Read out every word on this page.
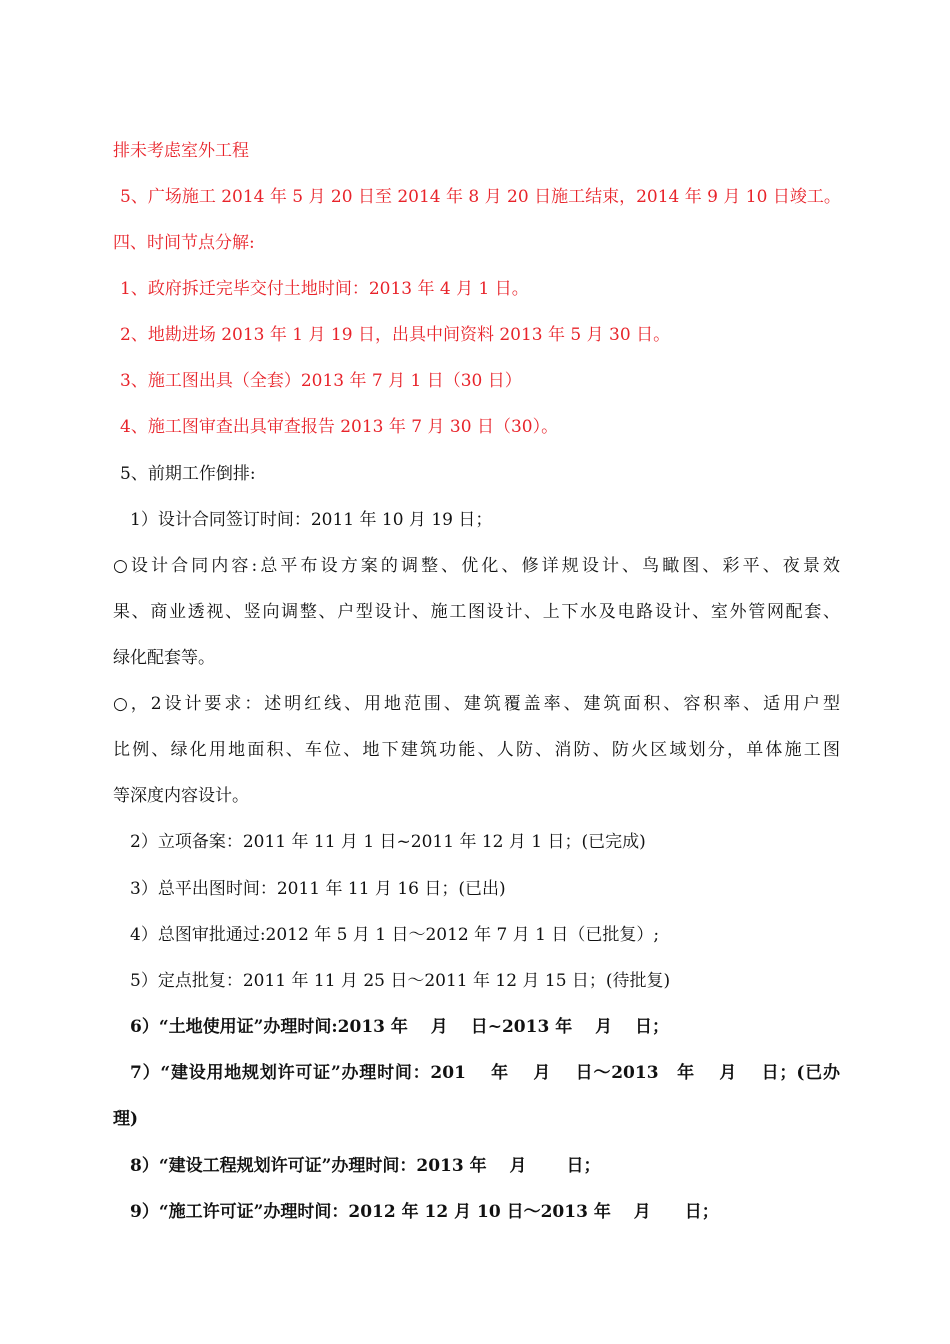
排未考虑室外工程
5、广场施工 2014 年 5 月 20 日至 2014 年 8 月 20 日施工结束，2014 年 9 月 10 日竣工。
四、时间节点分解:
1、政府拆迁完毕交付土地时间：2013 年 4 月 1 日。
2、地勘进场 2013 年 1 月 19 日，出具中间资料 2013 年 5 月 30 日。
3、施工图出具（全套）2013 年 7 月 1 日（30 日）
4、施工图审查出具审查报告 2013 年 7 月 30 日（30）。
5、前期工作倒排:
1）设计合同签订时间：2011 年 10 月 19 日；
○设计合同内容:总平布设方案的调整、优化、修详规设计、鸟瞰图、彩平、夜景效
果、商业透视、竖向调整、户型设计、施工图设计、上下水及电路设计、室外管网配套、
绿化配套等。
○，2设计要求：述明红线、用地范围、建筑覆盖率、建筑面积、容积率、适用户型
比例、绿化用地面积、车位、地下建筑功能、人防、消防、防火区域划分，单体施工图
等深度内容设计。
2）立项备案：2011 年 11 月 1 日~2011 年 12 月 1 日；(已完成)
3）总平出图时间：2011 年 11 月 16 日；(已出)
4）总图审批通过:2012 年 5 月 1 日～2012 年 7 月 1 日（已批复）;
5）定点批复：2011 年 11 月 25 日～2011 年 12 月 15 日；(待批复)
6）“土地使用证”办理时间:2013 年　 月　 日~2013 年　 月　 日；
7）“建设用地规划许可证”办理时间：201　 年　 月　 日～2013　年　 月　 日；(已办
理)
8）“建设工程规划许可证”办理时间：2013 年　 月　　 日；
9）“施工许可证”办理时间：2012 年 12 月 10 日～2013 年　 月　　日；
